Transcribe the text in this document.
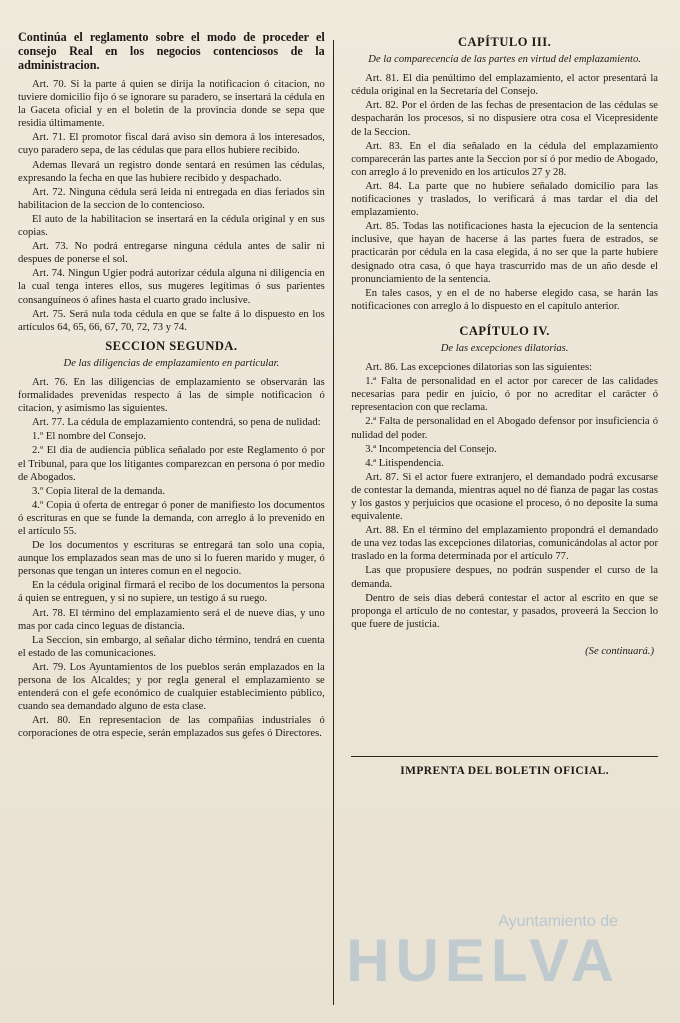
Continúa el reglamento sobre el modo de proceder el consejo Real en los negocios contenciosos de la administracion.

Art. 70. Si la parte á quien se dirija la notificacion ó citacion, no tuviere domicilio fijo ó se ignorare su paradero, se insertará la cédula en la Gaceta oficial y en el boletin de la provincia donde se sepa que residia últimamente.

Art. 71. El promotor fiscal dará aviso sin demora á los interesados, cuyo paradero sepa, de las cédulas que para ellos hubiere recibido.

Ademas llevará un registro donde sentará en resúmen las cédulas, expresando la fecha en que las hubiere recibido y despachado.

Art. 72. Ninguna cédula será leida ni entregada en dias feriados sin habilitacion de la seccion de lo contencioso.

El auto de la habilitacion se insertará en la cédula original y en sus copias.

Art. 73. No podrá entregarse ninguna cédula antes de salir ni despues de ponerse el sol.

Art. 74. Ningun Ugier podrá autorizar cédula alguna ni diligencia en la cual tenga interes ellos, sus mugeres legítimas ó sus parientes consanguíneos ó afines hasta el cuarto grado inclusive.

Art. 75. Será nula toda cédula en que se falte á lo dispuesto en los artículos 64, 65, 66, 67, 70, 72, 73 y 74.

SECCION SEGUNDA.
De las diligencias de emplazamiento en particular.

Art. 76. En las diligencias de emplazamiento se observarán las formalidades prevenidas respecto á las de simple notificacion ó citacion, y asimismo las siguientes.

Art. 77. La cédula de emplazamiento contendrá, so pena de nulidad:

1.º El nombre del Consejo.

2.º El dia de audiencia pública señalado por este Reglamento ó por el Tribunal, para que los litigantes comparezcan en persona ó por medio de Abogados.

3.º Copia literal de la demanda.

4.º Copia ú oferta de entregar ó poner de manifiesto los documentos ó escrituras en que se funde la demanda, con arreglo á lo prevenido en el artículo 55.

De los documentos y escrituras se entregará tan solo una copia, aunque los emplazados sean mas de uno si lo fueren marido y muger, ó personas que tengan un interes comun en el negocio.

En la cédula original firmará el recibo de los documentos la persona á quien se entreguen, y si no supiere, un testigo á su ruego.

Art. 78. El término del emplazamiento será el de nueve dias, y uno mas por cada cinco leguas de distancia.

La Seccion, sin embargo, al señalar dicho término, tendrá en cuenta el estado de las comunicaciones.

Art. 79. Los Ayuntamientos de los pueblos serán emplazados en la persona de los Alcaldes; y por regla general el emplazamiento se entenderá con el gefe económico de cualquier establecimiento público, cuando sea demandado alguno de esta clase.

Art. 80. En representacion de las compañias industriales ó corporaciones de otra especie, serán emplazados sus gefes ó Directores.

CAPÍTULO III.
De la comparecencia de las partes en virtud del emplazamiento.

Art. 81. El dia penúltimo del emplazamiento, el actor presentará la cédula original en la Secretaría del Consejo.

Art. 82. Por el órden de las fechas de presentacion de las cédulas se despacharán los procesos, si no dispusiere otra cosa el Vicepresidente de la Seccion.

Art. 83. En el dia señalado en la cédula del emplazamiento comparecerán las partes ante la Seccion por sí ó por medio de Abogado, con arreglo á lo prevenido en los artículos 27 y 28.

Art. 84. La parte que no hubiere señalado domicilio para las notificaciones y traslados, lo verificará á mas tardar el dia del emplazamiento.

Art. 85. Todas las notificaciones hasta la ejecucion de la sentencia inclusive, que hayan de hacerse á las partes fuera de estrados, se practicarán por cédula en la casa elegida, á no ser que la parte hubiere designado otra casa, ó que haya trascurrido mas de un año desde el pronunciamiento de la sentencia.

En tales casos, y en el de no haberse elegido casa, se harán las notificaciones con arreglo á lo dispuesto en el capítulo anterior.

CAPÍTULO IV.
De las excepciones dilatorias.

Art. 86. Las excepciones dilatorias son las siguientes:

1.ª Falta de personalidad en el actor por carecer de las calidades necesarias para pedir en juicio, ó por no acreditar el carácter ó representacion con que reclama.

2.ª Falta de personalidad en el Abogado defensor por insuficiencia ó nulidad del poder.

3.ª Incompetencia del Consejo.

4.ª Litispendencia.

Art. 87. Si el actor fuere extranjero, el demandado podrá excusarse de contestar la demanda, mientras aquel no dé fianza de pagar las costas y los gastos y perjuicios que ocasione el proceso, ó no deposite la suma equivalente.

Art. 88. En el término del emplazamiento propondrá el demandado de una vez todas las excepciones dilatorias, comunicándolas al actor por traslado en la forma determinada por el artículo 77.

Las que propusiere despues, no podrán suspender el curso de la demanda.

Dentro de seis dias deberá contestar el actor al escrito en que se proponga el artículo de no contestar, y pasados, proveerá la Seccion lo que fuere de justicia.

(Se continuará.)
IMPRENTA DEL BOLETIN OFICIAL.
Ayuntamiento de
HUELVA
